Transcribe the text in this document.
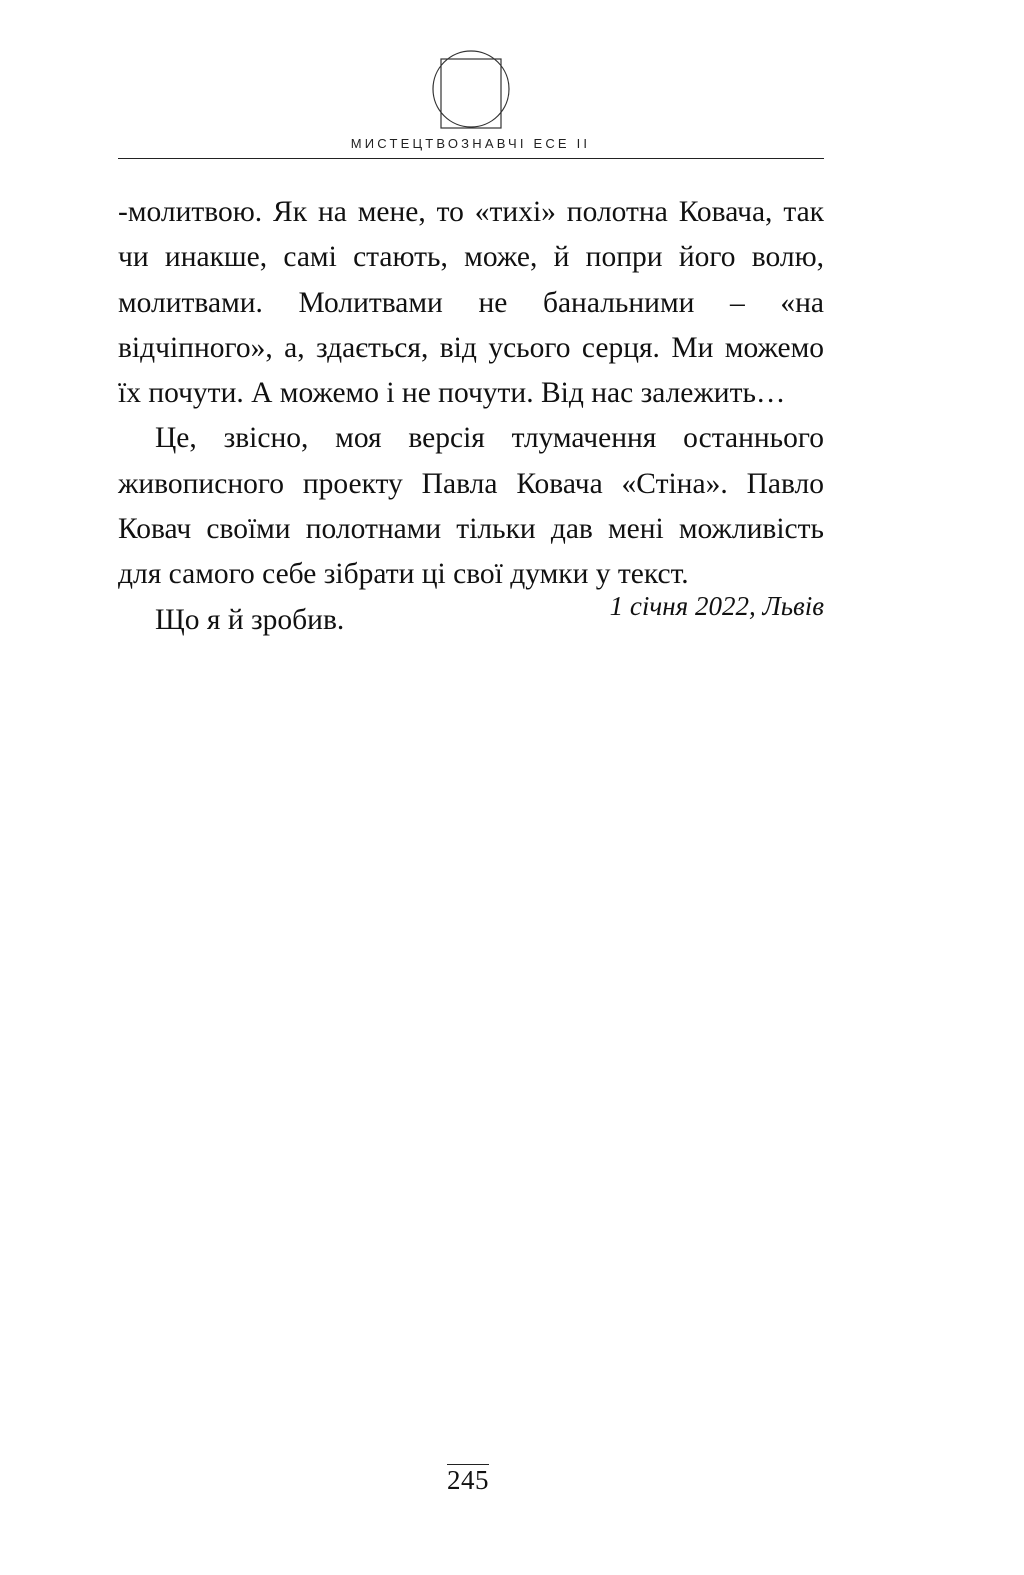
МИСТЕЦТВОЗНАВЧІ ЕСЕ ІІ

-молитвою. Як на мене, то «тихі» полотна Ковача, так чи инакше, самі стають, може, й попри його волю, молитвами. Молитвами не банальними – «на відчіпного», а, здається, від усього серця. Ми можемо їх почути. А можемо і не почути. Від нас залежить…

Це, звісно, моя версія тлумачення останнього живописного проекту Павла Ковача «Стіна». Павло Ковач своїми полотнами тільки дав мені можливість для самого себе зібрати ці свої думки у текст.

Що я й зробив.	1 січня 2022, Львів
245
